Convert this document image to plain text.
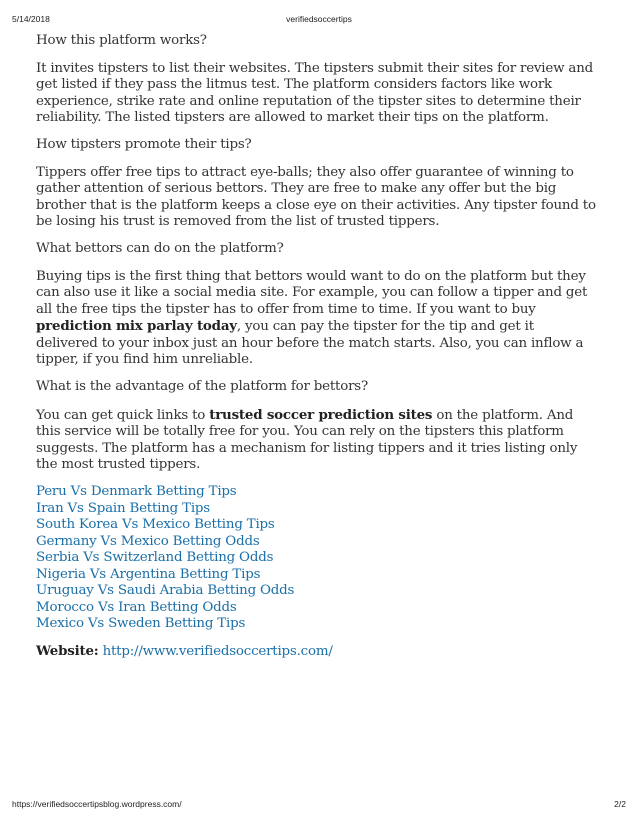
5/14/2018	verifiedsoccertips

How this platform works?

It invites tipsters to list their websites. The tipsters submit their sites for review and get listed if they pass the litmus test. The platform considers factors like work experience, strike rate and online reputation of the tipster sites to determine their reliability. The listed tipsters are allowed to market their tips on the platform.

How tipsters promote their tips?

Tippers offer free tips to attract eye-balls; they also offer guarantee of winning to gather attention of serious bettors. They are free to make any offer but the big brother that is the platform keeps a close eye on their activities. Any tipster found to be losing his trust is removed from the list of trusted tippers.

What bettors can do on the platform?

Buying tips is the first thing that bettors would want to do on the platform but they can also use it like a social media site. For example, you can follow a tipper and get all the free tips the tipster has to offer from time to time. If you want to buy prediction mix parlay today, you can pay the tipster for the tip and get it delivered to your inbox just an hour before the match starts. Also, you can inflow a tipper, if you find him unreliable.

What is the advantage of the platform for bettors?

You can get quick links to trusted soccer prediction sites on the platform. And this service will be totally free for you. You can rely on the tipsters this platform suggests. The platform has a mechanism for listing tippers and it tries listing only the most trusted tippers.

Peru Vs Denmark Betting Tips
Iran Vs Spain Betting Tips
South Korea Vs Mexico Betting Tips
Germany Vs Mexico Betting Odds
Serbia Vs Switzerland Betting Odds
Nigeria Vs Argentina Betting Tips
Uruguay Vs Saudi Arabia Betting Odds
Morocco Vs Iran Betting Odds
Mexico Vs Sweden Betting Tips

Website: http://www.verifiedsoccertips.com/

https://verifiedsoccertipsblog.wordpress.com/	2/2
